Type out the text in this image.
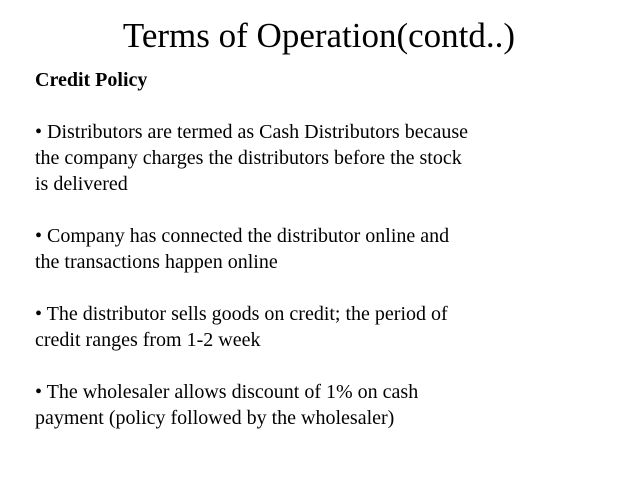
Terms of Operation(contd..)
Credit Policy
• Distributors are termed as Cash Distributors because
the company charges the distributors before the stock
is delivered
• Company has connected the distributor online and
the transactions happen online
• The distributor sells goods on credit; the period of
credit ranges from 1-2 week
• The wholesaler allows discount of 1% on cash
payment (policy followed by the wholesaler)
